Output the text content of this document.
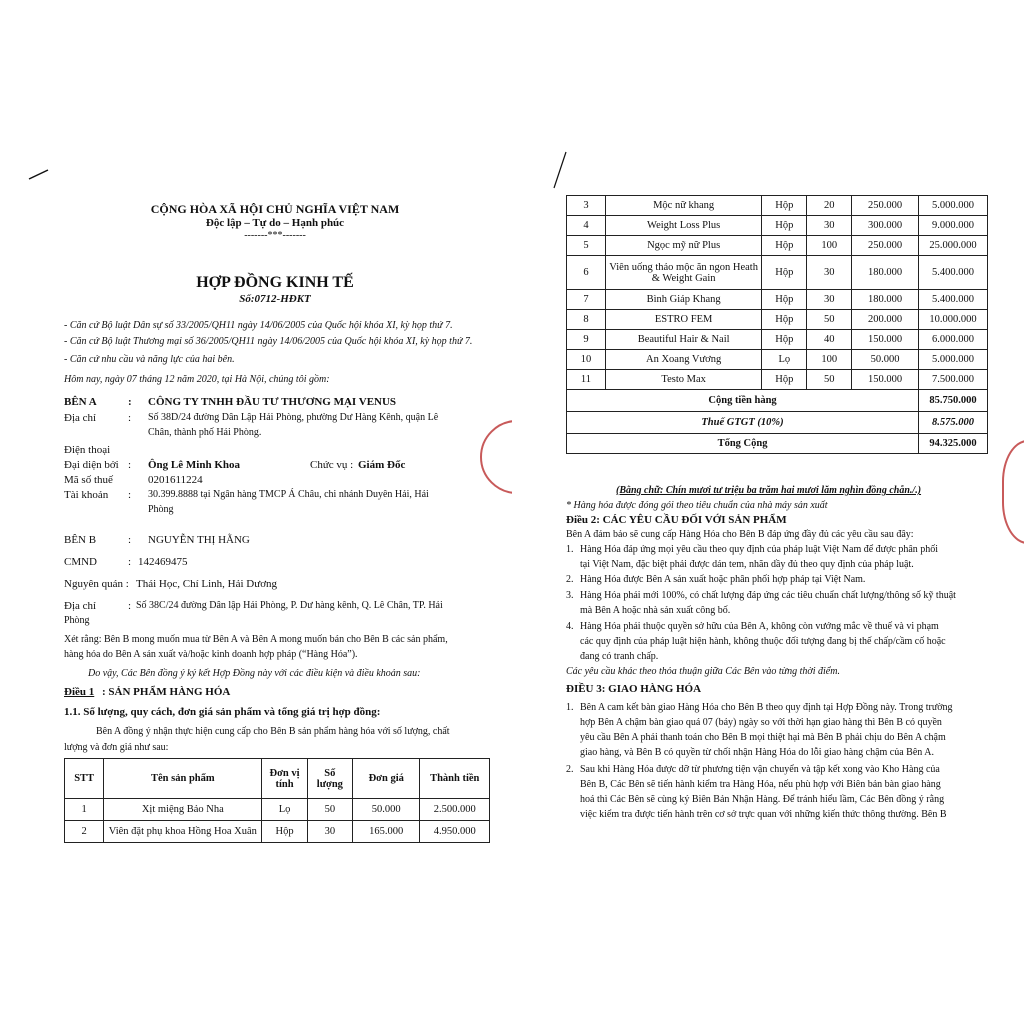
CỘNG HÒA XÃ HỘI CHỦ NGHĨA VIỆT NAM
Độc lập – Tự do – Hạnh phúc
-------***-------
HỢP ĐỒNG KINH TẾ
Số:0712-HĐKT
- Căn cứ Bộ luật Dân sự số 33/2005/QH11 ngày 14/06/2005 của Quốc hội khóa XI, kỳ họp thứ 7.
- Căn cứ Bộ luật Thương mại số 36/2005/QH11 ngày 14/06/2005 của Quốc hội khóa XI, kỳ họp thứ 7.
- Căn cứ nhu cầu và năng lực của hai bên.
Hôm nay, ngày 07 tháng 12 năm 2020, tại Hà Nội, chúng tôi gồm:
BÊN A	: CÔNG TY TNHH ĐẦU TƯ THƯƠNG MẠI VENUS
Địa chỉ	: Số 38D/24 đường Dân Lập Hải Phòng, phường Dư Hàng Kênh, quận Lê
Chân, thành phố Hải Phòng.
Điện thoại
Đại diện bởi : Ông Lê Minh Khoa	Chức vụ : Giám Đốc
Mã số thuế	0201611224
Tài khoản : 30.399.8888 tại Ngân hàng TMCP Á Châu, chi nhánh Duyên Hải, Hải
Phòng
BÊN B	: NGUYỄN THỊ HẰNG
CMND	: 142469475
Nguyên quán : Thái Học, Chí Linh, Hải Dương
Địa chỉ	: Số 38C/24 đường Dân lập Hải Phòng, P. Dư hàng kênh, Q. Lê Chân, TP. Hải
Phòng
Xét rằng: Bên B mong muốn mua từ Bên A và Bên A mong muốn bán cho Bên B các sản phẩm,
hàng hóa do Bên A sản xuất và/hoặc kinh doanh hợp pháp (“Hàng Hóa”).
Do vậy, Các Bên đồng ý ký kết Hợp Đồng này với các điều kiện và điều khoản sau:
Điều 1 : SẢN PHẨM HÀNG HÓA
1.1. Số lượng, quy cách, đơn giá sản phẩm và tổng giá trị hợp đồng:
Bên A đồng ý nhận thực hiện cung cấp cho Bên B sản phẩm hàng hóa với số lượng, chất
lượng và đơn giá như sau:
STT	Tên sản phẩm	Đơn vị tính	Số lượng	Đơn giá	Thành tiền
1	Xịt miệng Bảo Nha	Lọ	50	50.000	2.500.000
2	Viên đặt phụ khoa Hồng Hoa Xuân	Hộp	30	165.000	4.950.000
3	Mộc nữ khang	Hộp	20	250.000	5.000.000
4	Weight Loss Plus	Hộp	30	300.000	9.000.000
5	Ngọc mỹ nữ Plus	Hộp	100	250.000	25.000.000
6	Viên uống thảo mộc ăn ngon Heath & Weight Gain	Hộp	30	180.000	5.400.000
7	Bình Giáp Khang	Hộp	30	180.000	5.400.000
8	ESTRO FEM	Hộp	50	200.000	10.000.000
9	Beautiful Hair & Nail	Hộp	40	150.000	6.000.000
10	An Xoang Vương	Lọ	100	50.000	5.000.000
11	Testo Max	Hộp	50	150.000	7.500.000
Cộng tiền hàng					85.750.000
Thuế GTGT (10%)					8.575.000
Tổng Cộng					94.325.000
(Bằng chữ: Chín mươi tư triệu ba trăm hai mươi lăm nghìn đồng chẵn./.)
* Hàng hóa được đóng gói theo tiêu chuẩn của nhà máy sản xuất
Điều 2: CÁC YÊU CẦU ĐỐI VỚI SẢN PHẨM
Bên A đảm bảo sẽ cung cấp Hàng Hóa cho Bên B đáp ứng đầy đủ các yêu cầu sau đây:
1. Hàng Hóa đáp ứng mọi yêu cầu theo quy định của pháp luật Việt Nam để được phân phối
tại Việt Nam, đặc biệt phải được dán tem, nhãn dầy đủ theo quy định của pháp luật.
2. Hàng Hóa được Bên A sản xuất hoặc phân phối hợp pháp tại Việt Nam.
3. Hàng Hóa phải mới 100%, có chất lượng đáp ứng các tiêu chuẩn chất lượng/thông số kỹ thuật
mà Bên A hoặc nhà sản xuất công bố.
4. Hàng Hóa phải thuộc quyền sở hữu của Bên A, không còn vướng mắc về thuế và vi phạm
các quy định của pháp luật hiện hành, không thuộc đối tượng đang bị thế chấp/cầm cố hoặc
đang có tranh chấp.
Các yêu cầu khác theo thỏa thuận giữa Các Bên vào từng thời điểm.
ĐIỀU 3: GIAO HÀNG HÓA
1. Bên A cam kết bàn giao Hàng Hóa cho Bên B theo quy định tại Hợp Đồng này. Trong trường
hợp Bên A chậm bàn giao quá 07 (bảy) ngày so với thời hạn giao hàng thì Bên B có quyền
yêu cầu Bên A phải thanh toán cho Bên B mọi thiệt hại mà Bên B phải chịu do Bên A chậm
giao hàng, và Bên B có quyền từ chối nhận Hàng Hóa do lỗi giao hàng chậm của Bên A.
2. Sau khi Hàng Hóa được dỡ từ phương tiện vận chuyển và tập kết xong vào Kho Hàng của
Bên B, Các Bên sẽ tiến hành kiểm tra Hàng Hóa, nếu phù hợp với Biên bản bàn giao hàng
hoá thì Các Bên sẽ cùng ký Biên Bản Nhận Hàng. Để tránh hiểu lầm, Các Bên đồng ý rằng
việc kiểm tra được tiến hành trên cơ sở trực quan với những kiến thức thông thường. Bên B
